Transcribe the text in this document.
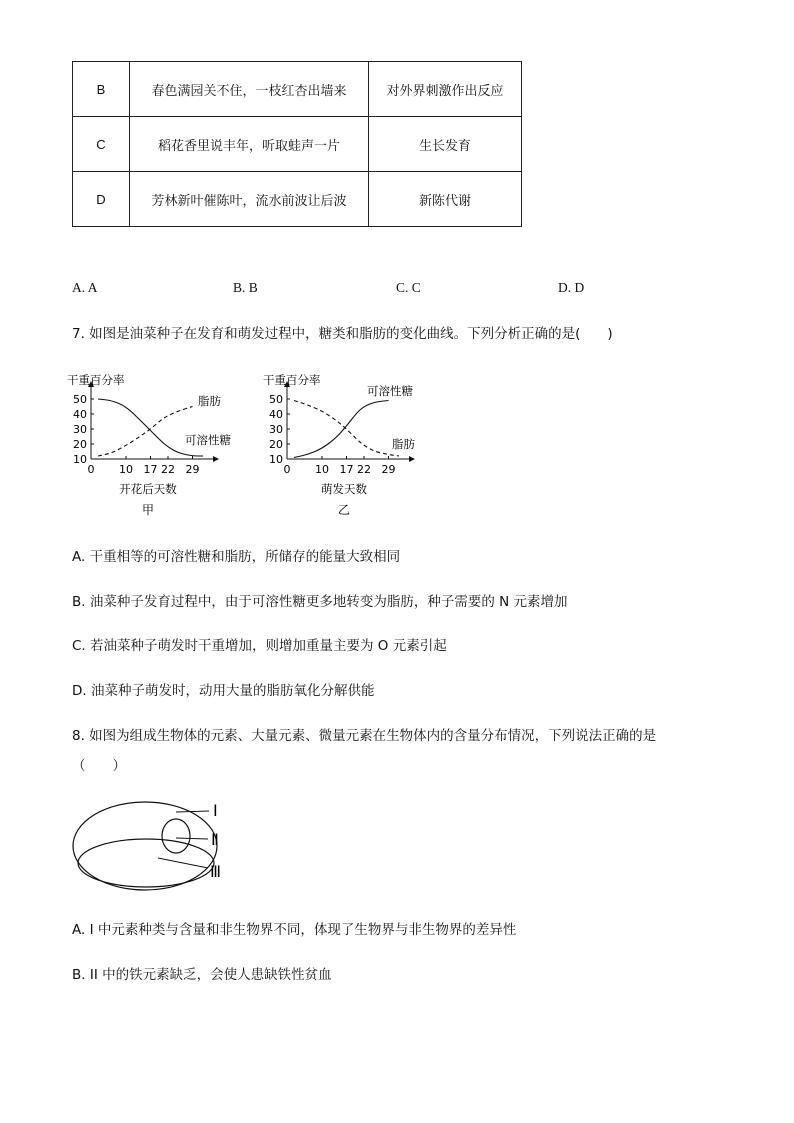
B	春色满园关不住，一枝红杏出墙来	对外界刺激作出反应
C	稻花香里说丰年，听取蛙声一片	生长发育
D	芳林新叶催陈叶，流水前波让后波	新陈代谢
A. A	B. B	C. C	D. D
7. 如图是油菜种子在发育和萌发过程中，糖类和脂肪的变化曲线。下列分析正确的是(　　)
10
20
30
40
50
0 10 17 22 29
可溶性糖
脂肪
干重百分率
开花后天数
甲
10
20
30
40
50
0 10 17 22 29
可溶性糖
脂肪
干重百分率
萌发天数
乙
A. 干重相等的可溶性糖和脂肪，所储存的能量大致相同
B. 油菜种子发育过程中，由于可溶性糖更多地转变为脂肪，种子需要的 N 元素增加
C. 若油菜种子萌发时干重增加，则增加重量主要为 O 元素引起
D. 油菜种子萌发时，动用大量的脂肪氧化分解供能
8. 如图为组成生物体的元素、大量元素、微量元素在生物体内的含量分布情况，下列说法正确的是
（　　）
Ⅰ
Ⅱ
Ⅲ
A. I 中元素种类与含量和非生物界不同，体现了生物界与非生物界的差异性
B. II 中的铁元素缺乏，会使人患缺铁性贫血
